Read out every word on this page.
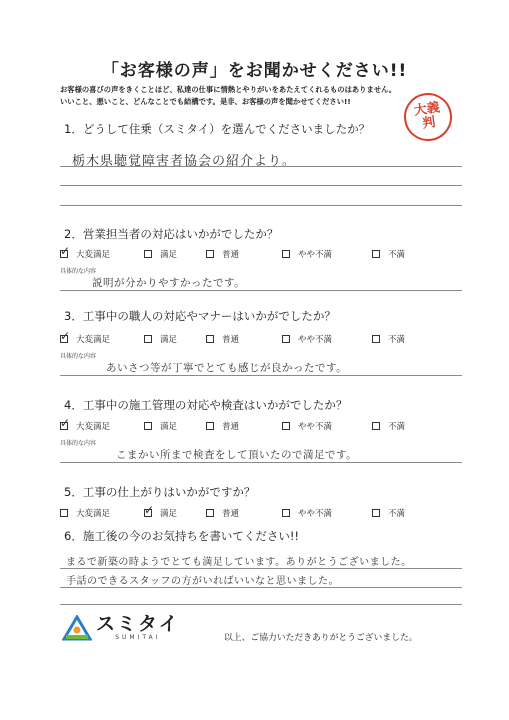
「お客様の声」をお聞かせください!!
お客様の喜びの声をきくことほど、私達の仕事に情熱とやりがいをあたえてくれるものはありません。
いいこと、悪いこと、どんなことでも結構です。是非、お客様の声を聞かせてください!!	大義判
1．どうして住乗（スミタイ）を選んでくださいましたか？
栃木県聴覚障害者協会の紹介より。
2．営業担当者の対応はいかがでしたか？
✓
大変満足	満足	普通	やや不満	不満
具体的な内容
説明が分かりやすかったです。
3．工事中の職人の対応やマナーはいかがでしたか？
✓
大変満足	満足	普通	やや不満	不満
具体的な内容
あいさつ等が丁寧でとても感じが良かったです。
4．工事中の施工管理の対応や検査はいかがでしたか？
✓
大変満足	満足	普通	やや不満	不満
具体的な内容
こまかい所まで検査をして頂いたので満足です。
5．工事の仕上がりはいかがですか？
大変満足
✓	満足	普通	やや不満	不満
6．施工後の今のお気持ちを書いてください!!
まるで新築の時ようでとても満足しています。ありがとうございました。
手話のできるスタッフの方がいればいいなと思いました。
スミタイ
SUMITAI	以上、ご協力いただきありがとうございました。
